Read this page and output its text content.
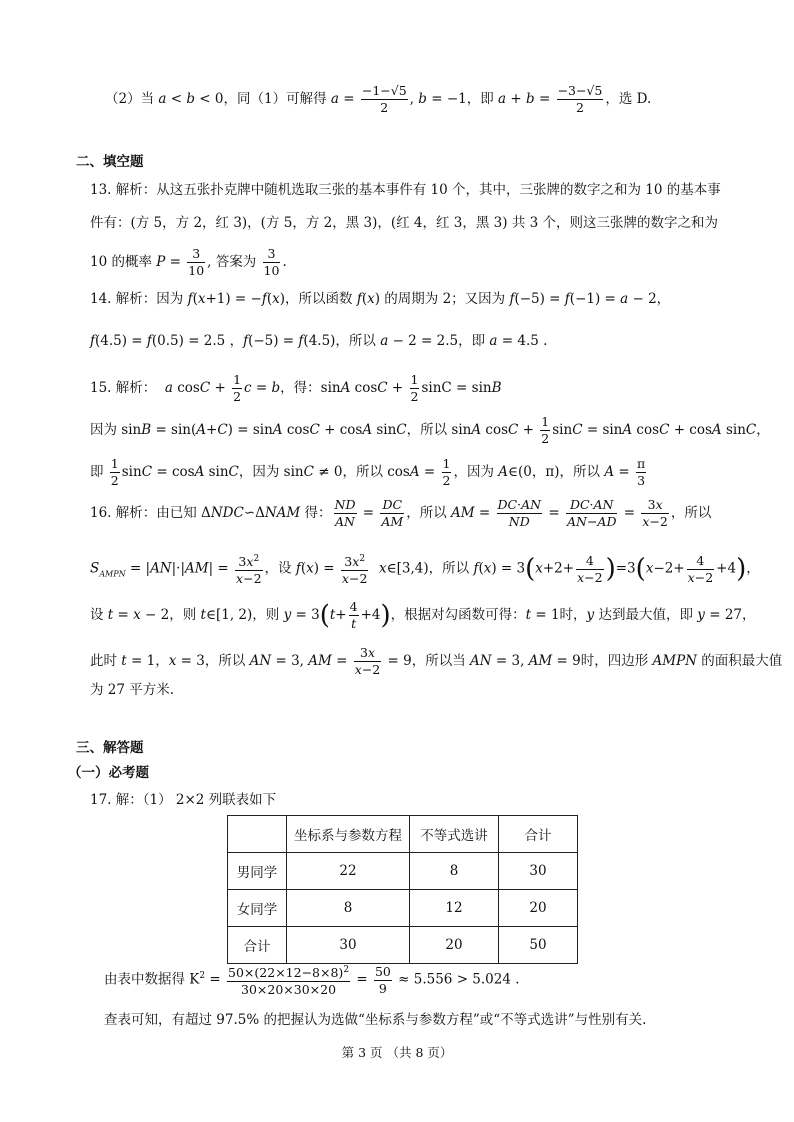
（2）当 a < b < 0，同（1）可解得 $a = \frac{-1-√5}{2}$ , b = −1，即 $a + b = \frac{-3-√5}{2}$ ，选 D.
二、填空题
13. 解析：从这五张扑克牌中随机选取三张的基本事件有 10 个，其中，三张牌的数字之和为 10 的基本事
件有：(方 5，方 2，红 3)，(方 5，方 2，黑 3)，(红 4，红 3，黑 3) 共 3 个，则这三张牌的数字之和为
10 的概率 $P = \frac{3}{10}$ , 答案为 $\frac{3}{10}$ .
14. 解析：因为 f(x+1) = −f(x)，所以函数 f(x) 的周期为 2；又因为 f(−5) = f(−1) = a − 2，
f(4.5) = f(0.5) = 2.5 ，f(−5) = f(4.5)，所以 a − 2 = 2.5，即 a = 4.5 .
15. 解析：  a $\cos C + \frac{1}{2}$ c = b，得：sinA $\cos C + \frac{1}{2}$ sinC = sinB
因为 sinB = sin(A+C) = sinA cosC + cosA sinC，所以 sinA $\cos C + \frac{1}{2}$ sinC = sinA cosC + cosA sinC，
即 $\frac{1}{2}$ sinC = cosA sinC，因为 sinC ≠ 0，所以 $\cos A = \frac{1}{2}$ ，因为 A∈(0，π)，所以 $A = \frac{\pi}{3}$
16. 解析：由已知 ΔNDC∽ΔNAM 得： $\frac{ND}{AN} = \frac{DC}{AM}$ ，所以 AM = $\frac{DC\cdot AN}{ND} = \frac{DC\cdot AN}{AN-AD} = \frac{3x}{x-2}$ ，所以
$S_{AMPN} = |AN|\cdot|AM| = \frac{3x^2}{x-2}$ ，设 $f(x) = \frac{3x^2}{x-2}$ x∈[3,4)，所以 $f(x) = 3(x+2+ \frac{4}{x-2} )=3(x-2+ \frac{4}{x-2} +4)$，
设 t = x − 2，则 t∈[1, 2)，则 $y = 3(t+ \frac{4}{t} +4)$，根据对勾函数可得：t = 1时，y 达到最大值，即 y = 27，
此时 t = 1，x = 3，所以 AN = 3, AM = $\frac{3x}{x-2} = 9$，所以当 AN = 3, AM = 9时，四边形 AMPN 的面积最大值
为 27 平方米.
三、解答题
（一）必考题
17. 解：（1） 2×2 列联表如下
	坐标系与参数方程	不等式选讲	合计
男同学	22	8	30
女同学	8	12	20
合计	30	20	50
由表中数据得 $K^2 = \frac{50\times(22\times 12-8\times 8)^2}{30\times 20\times 30\times 20} = \frac{50}{9} \approx 5.556 > 5.024$ .
查表可知，有超过 97.5% 的把握认为选做“坐标系与参数方程”或“不等式选讲”与性别有关.
第 3 页 （共 8 页）
